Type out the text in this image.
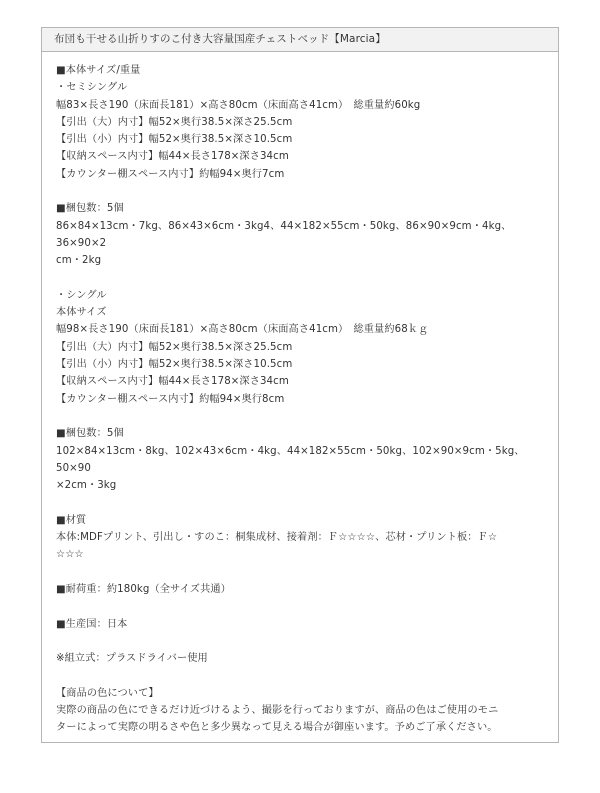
布団も干せる山折りすのこ付き大容量国産チェストベッド【Marcia】
■本体サイズ/重量
・セミシングル
幅83×長さ190（床面長181）×高さ80cm（床面高さ41cm）　総重量約60kg
【引出（大）内寸】幅52×奥行38.5×深さ25.5cm
【引出（小）内寸】幅52×奥行38.5×深さ10.5cm
【収納スペース内寸】幅44×長さ178×深さ34cm
【カウンター棚スペース内寸】約幅94×奥行7cm
■梱包数：5個
86×84×13cm・7kg、86×43×6cm・3kg4、44×182×55cm・50kg、86×90×9cm・4kg、36×90×2
cm・2kg
・シングル
本体サイズ
幅98×長さ190（床面長181）×高さ80cm（床面高さ41cm）　総重量約68ｋｇ
【引出（大）内寸】幅52×奥行38.5×深さ25.5cm
【引出（小）内寸】幅52×奥行38.5×深さ10.5cm
【収納スペース内寸】幅44×長さ178×深さ34cm
【カウンター棚スペース内寸】約幅94×奥行8cm
■梱包数：5個
102×84×13cm・8kg、102×43×6cm・4kg、44×182×55cm・50kg、102×90×9cm・5kg、50×90
×2cm・3kg
■材質
本体:MDFプリント、引出し・すのこ：桐集成材、接着剤：Ｆ☆☆☆☆、芯材・プリント板：Ｆ☆
☆☆☆
■耐荷重：約180kg（全サイズ共通）
■生産国：日本
※組立式：プラスドライバー使用
【商品の色について】
実際の商品の色にできるだけ近づけるよう、撮影を行っておりますが、商品の色はご使用のモニ
ターによって実際の明るさや色と多少異なって見える場合が御座います。予めご了承ください。
